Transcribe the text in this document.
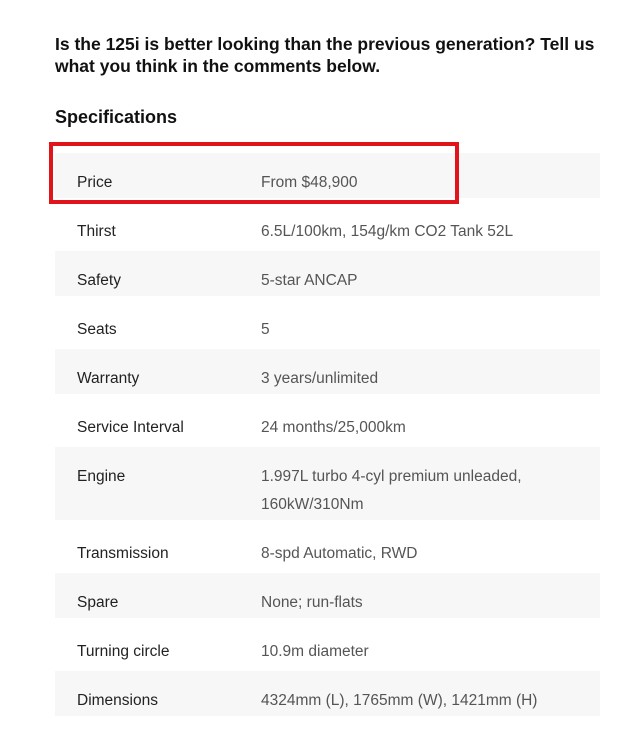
Is the 125i is better looking than the previous generation? Tell us what you think in the comments below.

Specifications
Price	From $48,900
Thirst	6.5L/100km, 154g/km CO2 Tank 52L
Safety	5-star ANCAP
Seats	5
Warranty	3 years/unlimited
Service Interval	24 months/25,000km
Engine	1.997L turbo 4-cyl premium unleaded, 160kW/310Nm
Transmission	8-spd Automatic, RWD
Spare	None; run-flats
Turning circle	10.9m diameter
Dimensions	4324mm (L), 1765mm (W), 1421mm (H)
